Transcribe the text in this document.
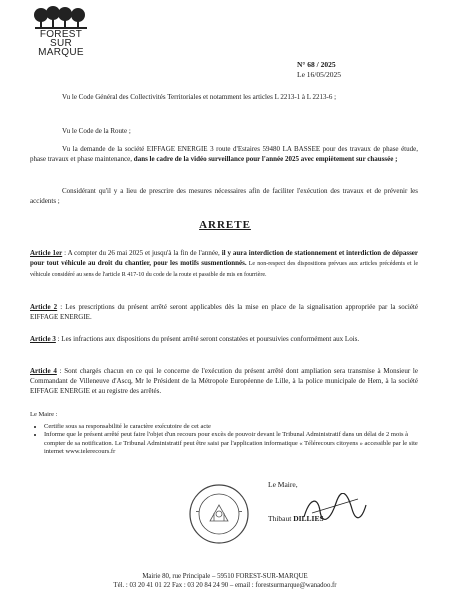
FOREST
SUR
MARQUE
N° 68 / 2025
Le 16/05/2025
Vu le Code Général des Collectivités Territoriales et notamment les articles L 2213-1 à L 2213-6 ;
Vu le Code de la Route ;
Vu la demande de la société EIFFAGE ENERGIE 3 route d'Estaires 59480 LA BASSEE pour des travaux de phase étude, phase travaux et phase maintenance, dans le cadre de la vidéo surveillance pour l'année 2025 avec empiètement sur chaussée ;
Considérant qu'il y a lieu de prescrire des mesures nécessaires afin de faciliter l'exécution des travaux et de prévenir les accidents ;
ARRETE
Article 1er : A compter du 26 mai 2025 et jusqu'à la fin de l'année, il y aura interdiction de stationnement et interdiction de dépasser pour tout véhicule au droit du chantier, pour les motifs susmentionnés. Le non-respect des dispositions prévues aux articles précédents et le véhicule considéré au sens de l'article R 417-10 du code de la route et passible de mis en fourrière.
Article 2 : Les prescriptions du présent arrêté seront applicables dès la mise en place de la signalisation appropriée par la société EIFFAGE ENERGIE.
Article 3 : Les infractions aux dispositions du présent arrêté seront constatées et poursuivies conformément aux Lois.
Article 4 : Sont chargés chacun en ce qui le concerne de l'exécution du présent arrêté dont ampliation sera transmise à Monsieur le Commandant de Villeneuve d'Ascq, Mr le Président de la Métropole Européenne de Lille, à la police municipale de Hem, à la société EIFFAGE ENERGIE et au registre des arrêtés.
Le Maire :
• Certifie sous sa responsabilité le caractère exécutoire de cet acte
• Informe que le présent arrêté peut faire l'objet d'un recours pour excès de pouvoir devant le Tribunal Administratif dans un délai de 2 mois à compter de sa notification. Le Tribunal Administratif peut être saisi par l'application informatique « Télérecours citoyens » accessible par le site internet www.telerecours.fr
Le Maire,
Thibaut DILLIES
Mairie 80, rue Principale – 59510 FOREST-SUR-MARQUE
Tél. : 03 20 41 01 22 Fax : 03 20 84 24 90 – email : forestsurmarque@wanadoo.fr
